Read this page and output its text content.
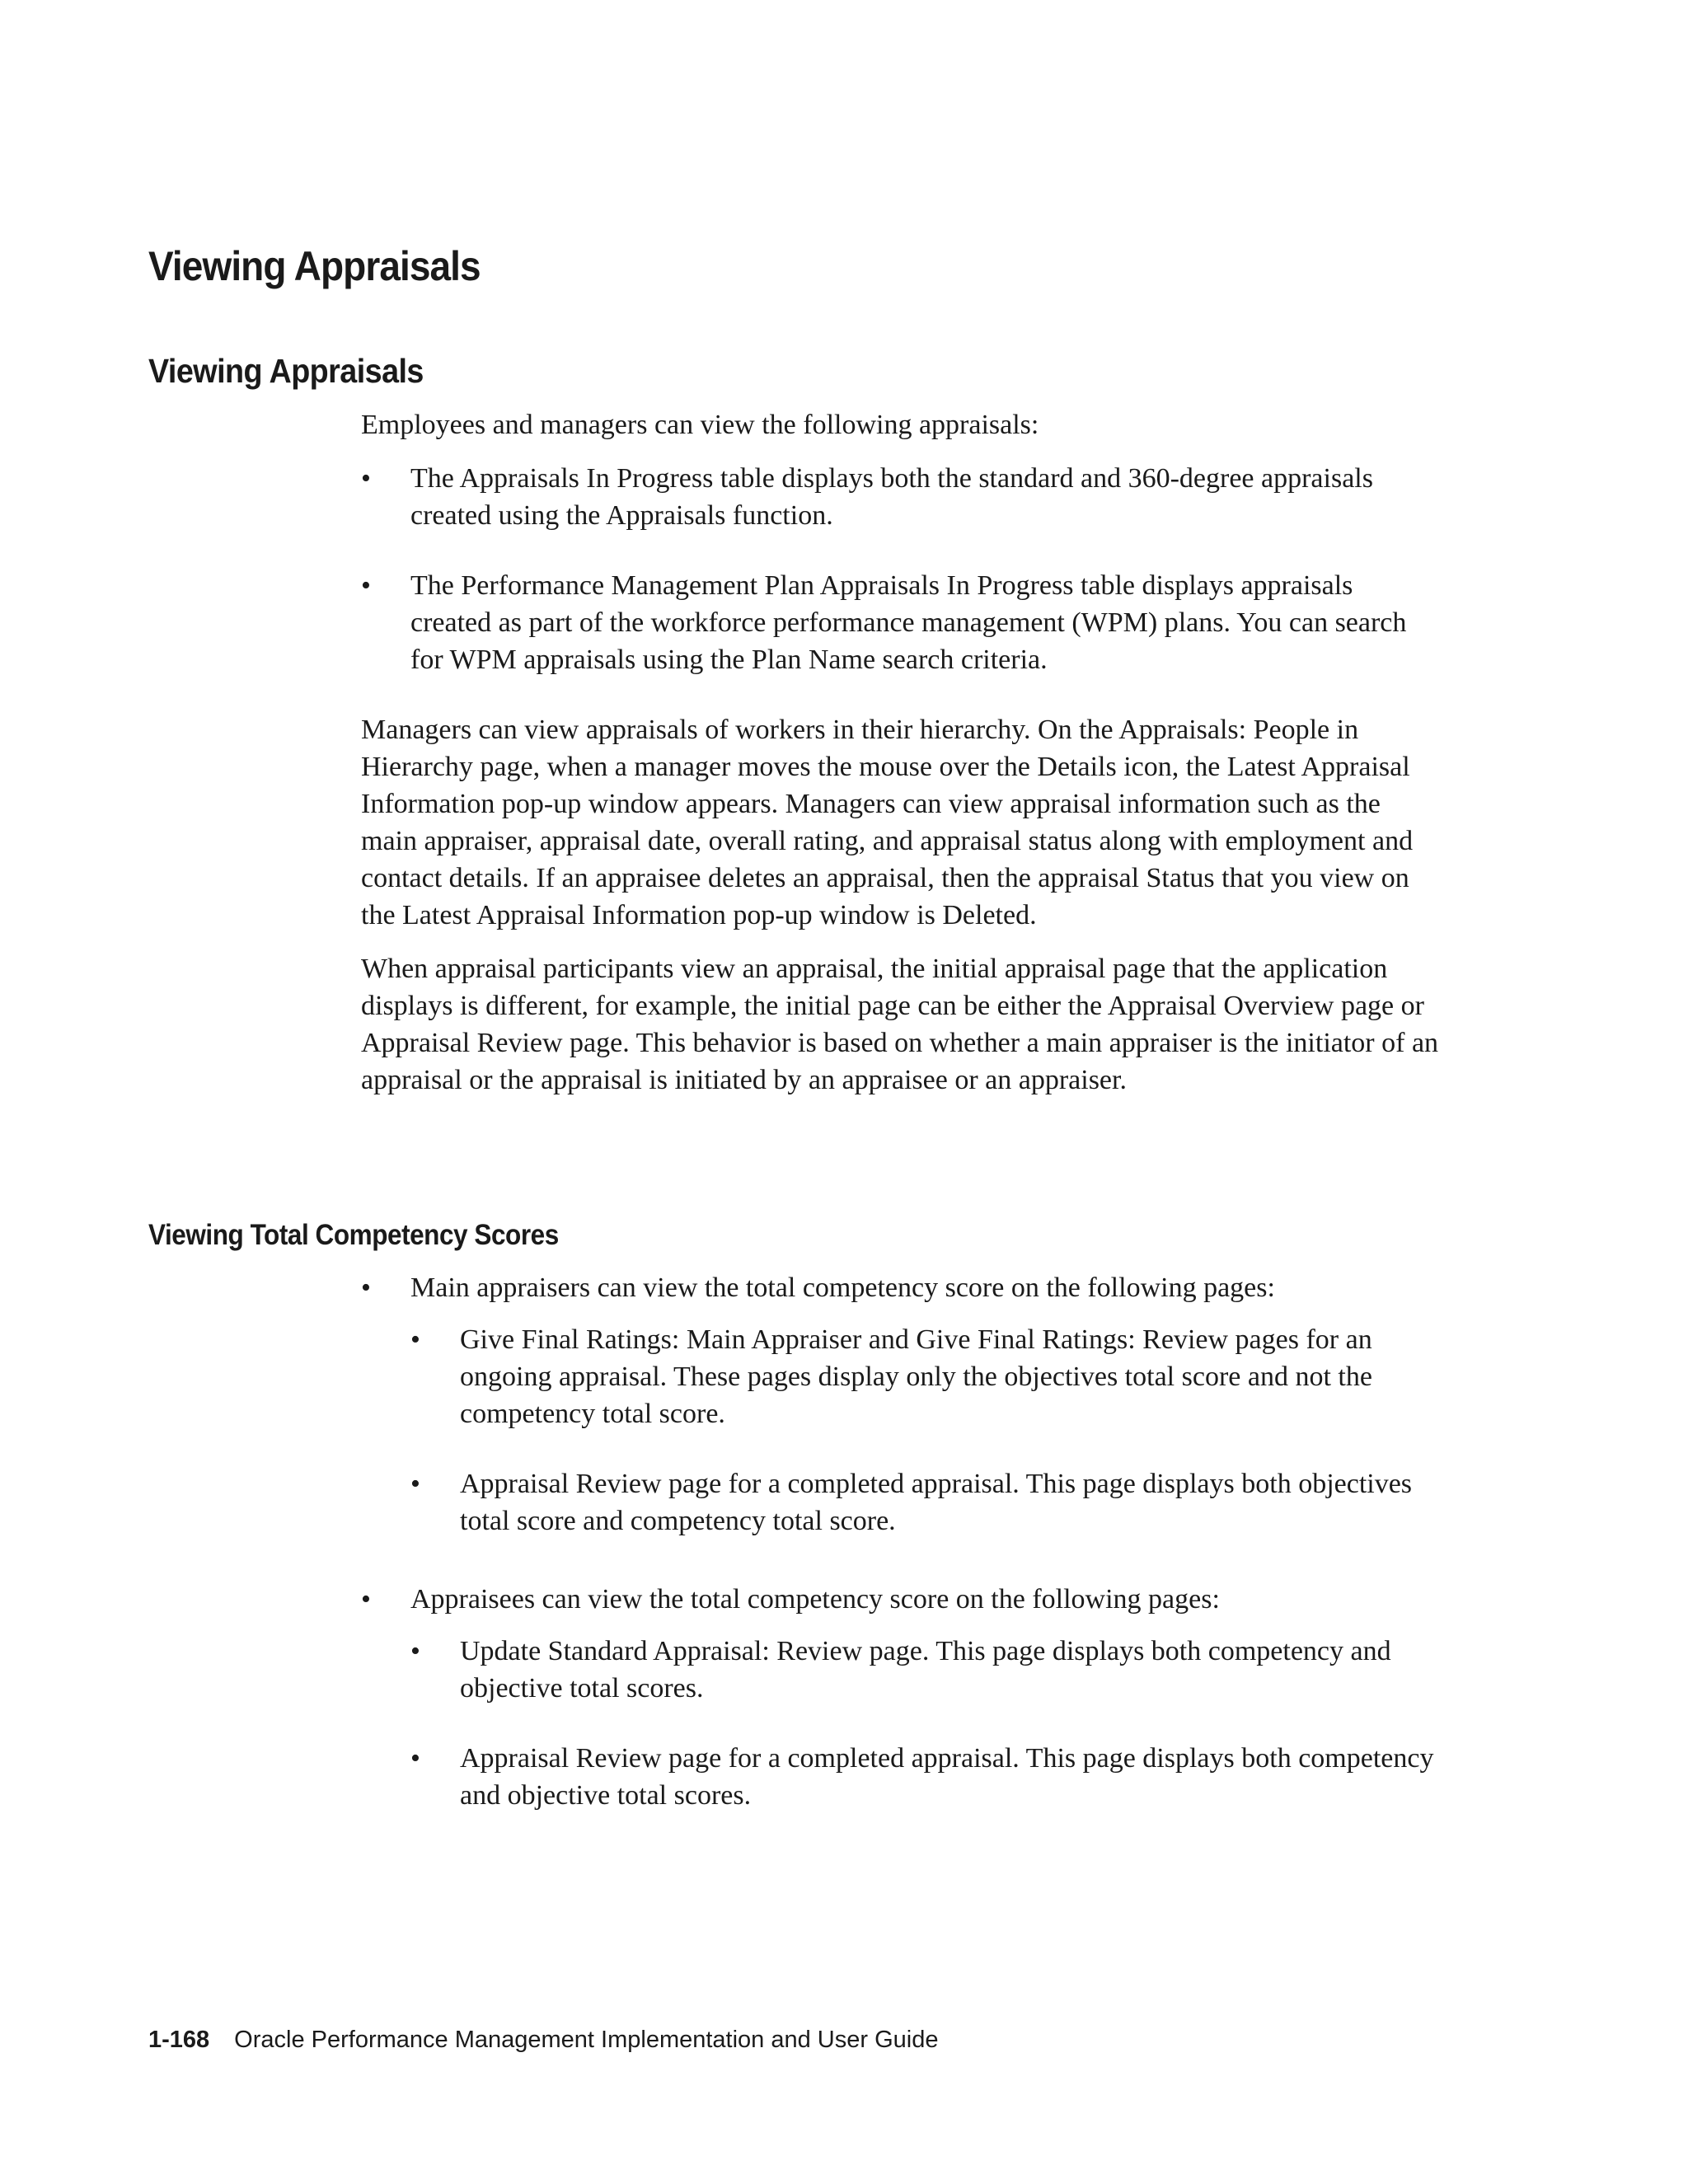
Viewing Appraisals
Viewing Appraisals

Employees and managers can view the following appraisals:

• The Appraisals In Progress table displays both the standard and 360-degree appraisals created using the Appraisals function.
• The Performance Management Plan Appraisals In Progress table displays appraisals created as part of the workforce performance management (WPM) plans. You can search for WPM appraisals using the Plan Name search criteria.

Managers can view appraisals of workers in their hierarchy. On the Appraisals: People in Hierarchy page, when a manager moves the mouse over the Details icon, the Latest Appraisal Information pop-up window appears. Managers can view appraisal information such as the main appraiser, appraisal date, overall rating, and appraisal status along with employment and contact details. If an appraisee deletes an appraisal, then the appraisal Status that you view on the Latest Appraisal Information pop-up window is Deleted.

When appraisal participants view an appraisal, the initial appraisal page that the application displays is different, for example, the initial page can be either the Appraisal Overview page or Appraisal Review page. This behavior is based on whether a main appraiser is the initiator of an appraisal or the appraisal is initiated by an appraisee or an appraiser.

Viewing Total Competency Scores
• Main appraisers can view the total competency score on the following pages:
• Give Final Ratings: Main Appraiser and Give Final Ratings: Review pages for an ongoing appraisal. These pages display only the objectives total score and not the competency total score.
• Appraisal Review page for a completed appraisal. This page displays both objectives total score and competency total score.
• Appraisees can view the total competency score on the following pages:
• Update Standard Appraisal: Review page. This page displays both competency and objective total scores.
• Appraisal Review page for a completed appraisal. This page displays both competency and objective total scores.
1-168 Oracle Performance Management Implementation and User Guide
